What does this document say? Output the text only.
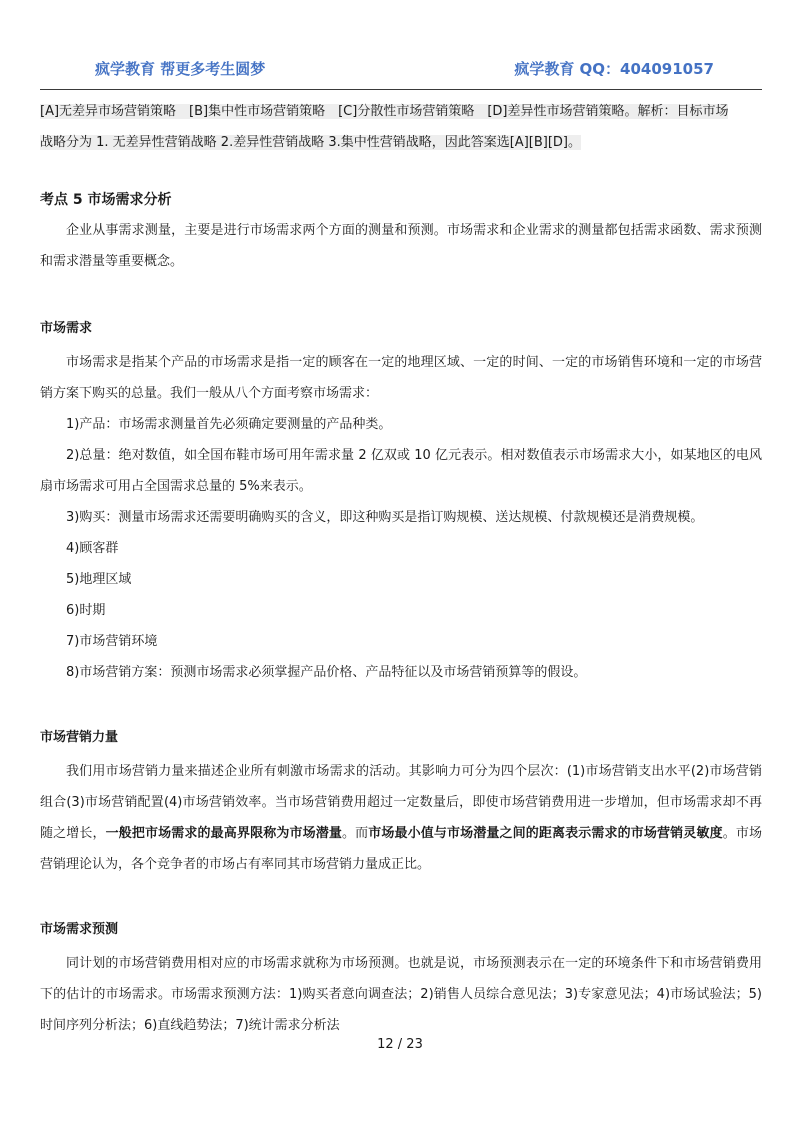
疯学教育 帮更多考生圆梦	疯学教育 QQ：404091057

[A]无差异市场营销策略　[B]集中性市场营销策略　[C]分散性市场营销策略　[D]差异性市场营销策略。解析：目标市场

战略分为 1. 无差异性营销战略 2.差异性营销战略 3.集中性营销战略，因此答案选[A][B][D]。

考点 5 市场需求分析

企业从事需求测量，主要是进行市场需求两个方面的测量和预测。市场需求和企业需求的测量都包括需求函数、需求预测和需求潜量等重要概念。

市场需求

市场需求是指某个产品的市场需求是指一定的顾客在一定的地理区域、一定的时间、一定的市场销售环境和一定的市场营销方案下购买的总量。我们一般从八个方面考察市场需求：

1)产品：市场需求测量首先必须确定要测量的产品种类。

2)总量：绝对数值，如全国布鞋市场可用年需求量 2 亿双或 10 亿元表示。相对数值表示市场需求大小，如某地区的电风扇市场需求可用占全国需求总量的 5%来表示。

3)购买：测量市场需求还需要明确购买的含义，即这种购买是指订购规模、送达规模、付款规模还是消费规模。

4)顾客群

5)地理区域

6)时期

7)市场营销环境

8)市场营销方案：预测市场需求必须掌握产品价格、产品特征以及市场营销预算等的假设。

市场营销力量

我们用市场营销力量来描述企业所有刺激市场需求的活动。其影响力可分为四个层次：(1)市场营销支出水平(2)市场营销组合(3)市场营销配置(4)市场营销效率。当市场营销费用超过一定数量后，即使市场营销费用进一步增加，但市场需求却不再随之增长，一般把市场需求的最高界限称为市场潜量。而市场最小值与市场潜量之间的距离表示需求的市场营销灵敏度。市场营销理论认为，各个竞争者的市场占有率同其市场营销力量成正比。

市场需求预测

同计划的市场营销费用相对应的市场需求就称为市场预测。也就是说，市场预测表示在一定的环境条件下和市场营销费用下的估计的市场需求。市场需求预测方法：1)购买者意向调查法；2)销售人员综合意见法；3)专家意见法；4)市场试验法；5)时间序列分析法；6)直线趋势法；7)统计需求分析法

12 / 23
